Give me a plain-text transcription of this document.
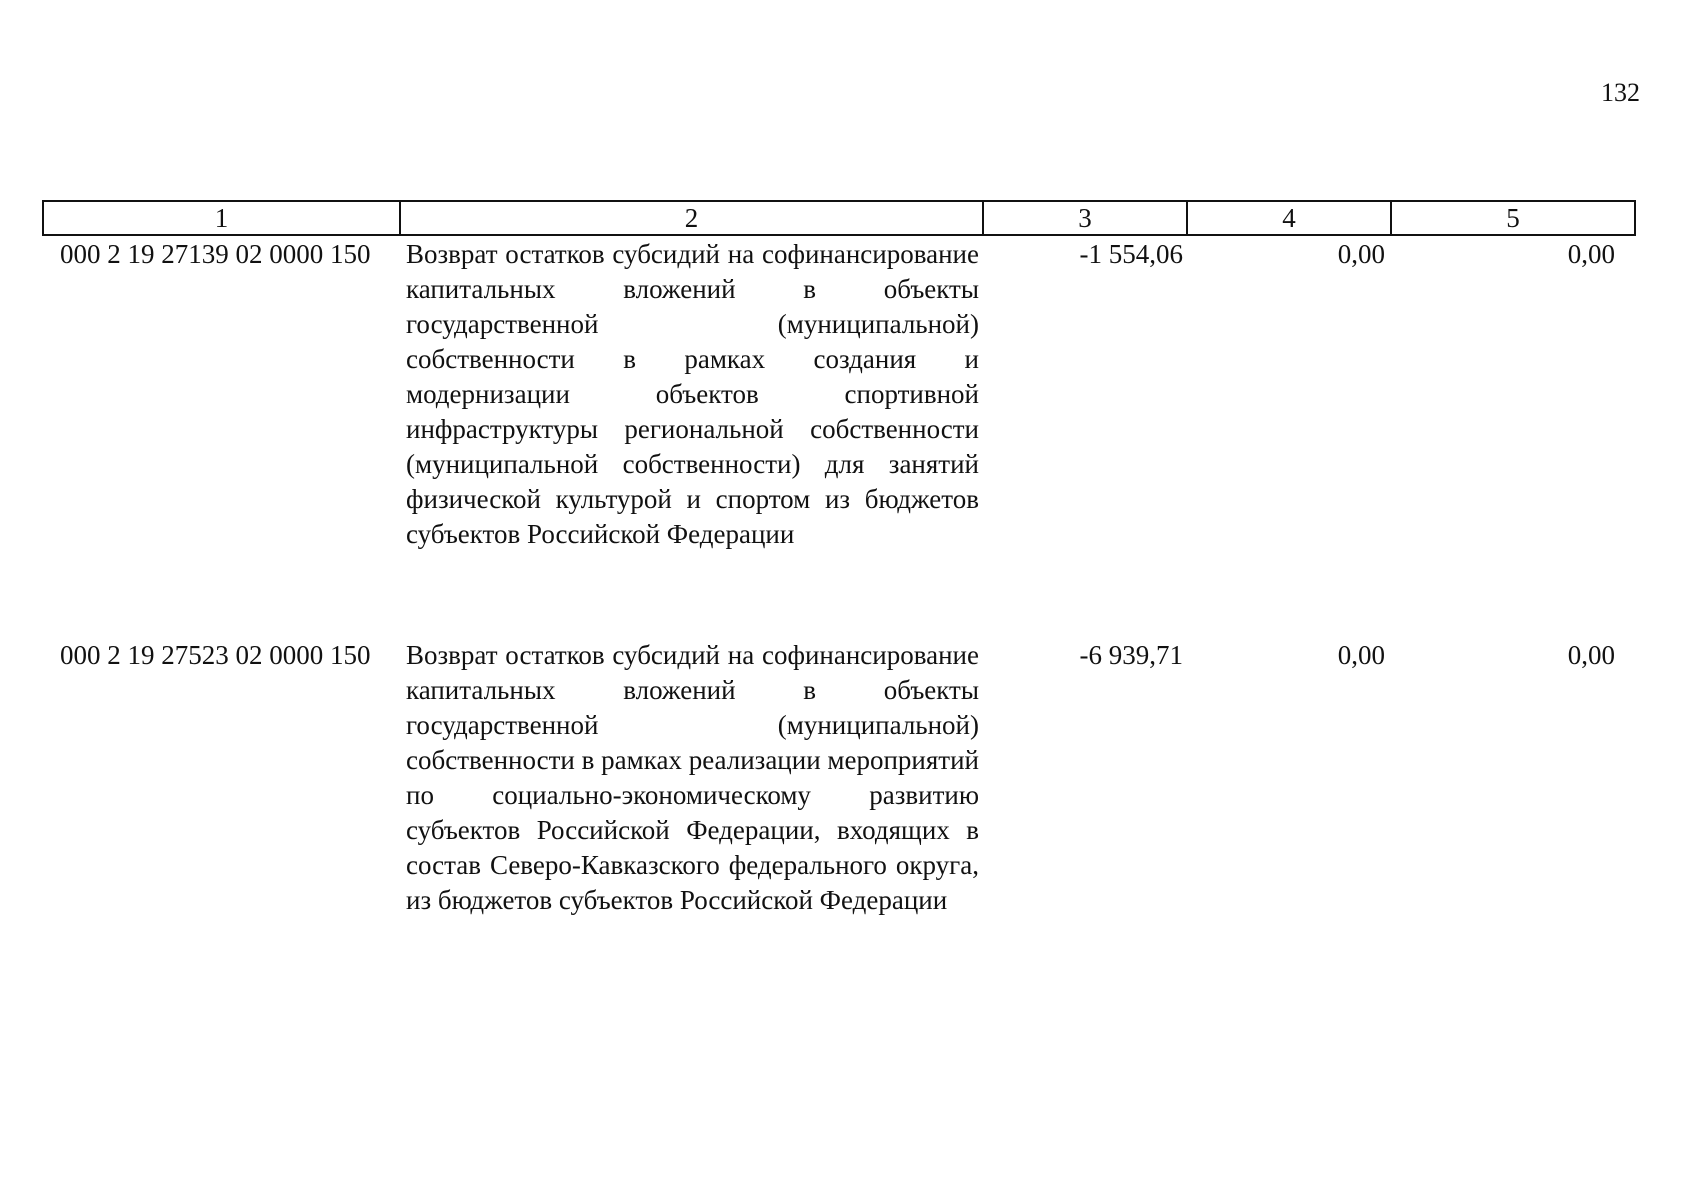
132
1	2	3	4	5
000 2 19 27139 02 0000 150	Возврат остатков субсидий на софинансирование капитальных вложений в объекты государственной (муниципальной) собственности в рамках создания и модернизации объектов спортивной инфраструктуры региональной собственности (муниципальной собственности) для занятий физической культурой и спортом из бюджетов субъектов Российской Федерации	-1 554,06	0,00	0,00
000 2 19 27523 02 0000 150	Возврат остатков субсидий на софинансирование капитальных вложений в объекты государственной (муниципальной) собственности в рамках реализации мероприятий по социально-экономическому развитию субъектов Российской Федерации, входящих в состав Северо-Кавказского федерального округа, из бюджетов субъектов Российской Федерации	-6 939,71	0,00	0,00
